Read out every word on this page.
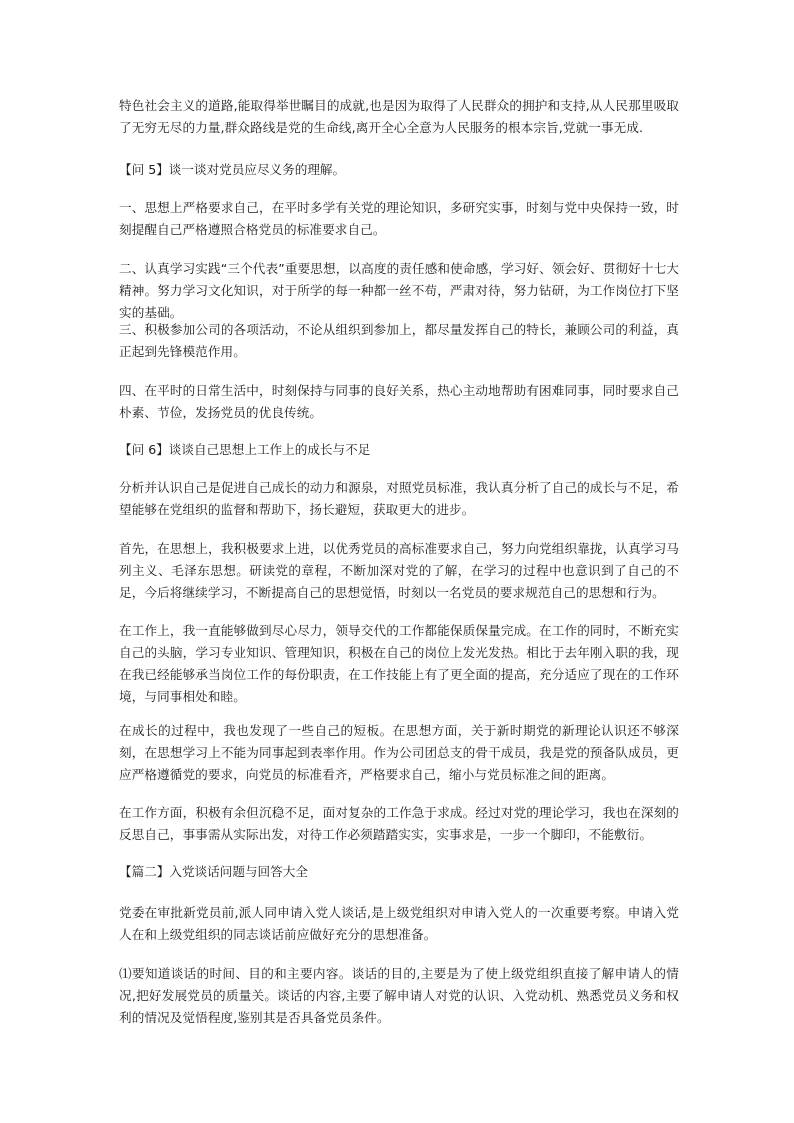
特色社会主义的道路,能取得举世瞩目的成就,也是因为取得了人民群众的拥护和支持,从人民那里吸取了无穷无尽的力量,群众路线是党的生命线,离开全心全意为人民服务的根本宗旨,党就一事无成.

【问 5】谈一谈对党员应尽义务的理解。

一、思想上严格要求自己，在平时多学有关党的理论知识，多研究实事，时刻与党中央保持一致，时刻提醒自己严格遵照合格党员的标准要求自己。

二、认真学习实践“三个代表”重要思想，以高度的责任感和使命感，学习好、领会好、贯彻好十七大精神。努力学习文化知识，对于所学的每一种都一丝不苟，严肃对待，努力钻研，为工作岗位打下坚实的基础。

三、积极参加公司的各项活动，不论从组织到参加上，都尽量发挥自己的特长，兼顾公司的利益，真正起到先锋模范作用。

四、在平时的日常生活中，时刻保持与同事的良好关系，热心主动地帮助有困难同事，同时要求自己朴素、节俭，发扬党员的优良传统。

【问 6】谈谈自己思想上工作上的成长与不足

分析并认识自己是促进自己成长的动力和源泉，对照党员标准，我认真分析了自己的成长与不足，希望能够在党组织的监督和帮助下，扬长避短，获取更大的进步。

首先，在思想上，我积极要求上进，以优秀党员的高标准要求自己，努力向党组织靠拢，认真学习马列主义、毛泽东思想。研读党的章程，不断加深对党的了解，在学习的过程中也意识到了自己的不足，今后将继续学习，不断提高自己的思想觉悟，时刻以一名党员的要求规范自己的思想和行为。

在工作上，我一直能够做到尽心尽力，领导交代的工作都能保质保量完成。在工作的同时，不断充实自己的头脑，学习专业知识、管理知识，积极在自己的岗位上发光发热。相比于去年刚入职的我，现在我已经能够承当岗位工作的每份职责，在工作技能上有了更全面的提高，充分适应了现在的工作环境，与同事相处和睦。

在成长的过程中，我也发现了一些自己的短板。在思想方面，关于新时期党的新理论认识还不够深刻，在思想学习上不能为同事起到表率作用。作为公司团总支的骨干成员，我是党的预备队成员，更应严格遵循党的要求，向党员的标准看齐，严格要求自己，缩小与党员标准之间的距离。

在工作方面，积极有余但沉稳不足，面对复杂的工作急于求成。经过对党的理论学习，我也在深刻的反思自己，事事需从实际出发，对待工作必须踏踏实实，实事求是，一步一个脚印，不能敷衍。

【篇二】入党谈话问题与回答大全

党委在审批新党员前,派人同申请入党人谈话,是上级党组织对申请入党人的一次重要考察。申请入党人在和上级党组织的同志谈话前应做好充分的思想准备。

⑴要知道谈话的时间、目的和主要内容。谈话的目的,主要是为了使上级党组织直接了解申请人的情况,把好发展党员的质量关。谈话的内容,主要了解申请人对党的认识、入党动机、熟悉党员义务和权利的情况及觉悟程度,鉴别其是否具备党员条件。
